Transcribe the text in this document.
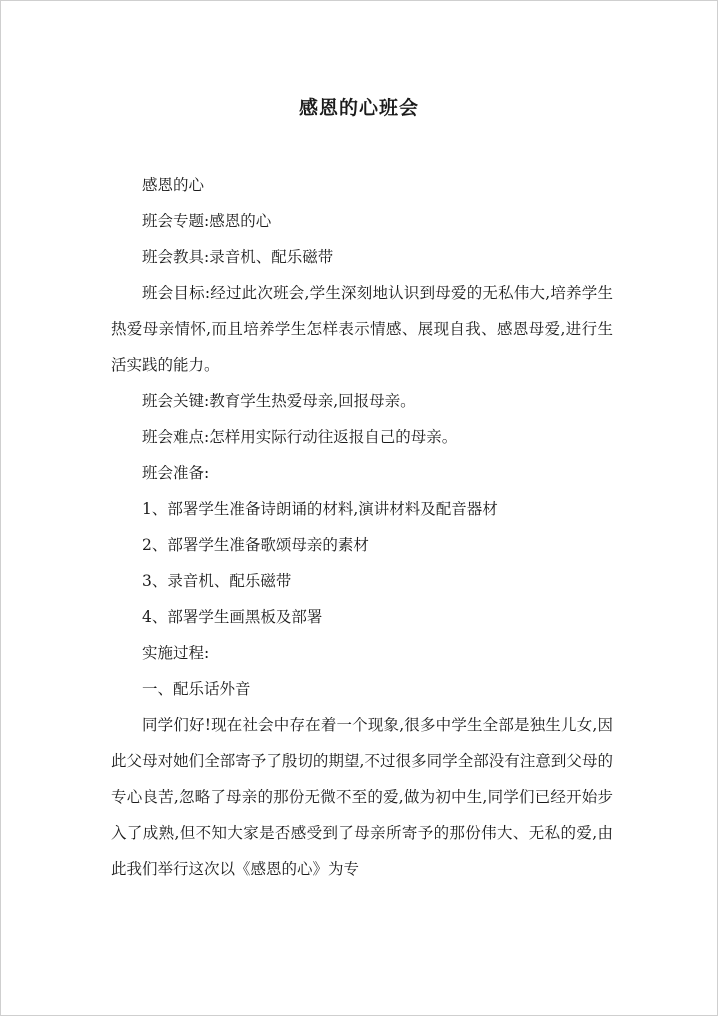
感恩的心班会

感恩的心

班会专题:感恩的心

班会教具:录音机、配乐磁带

班会目标:经过此次班会,学生深刻地认识到母爱的无私伟大,培养学生热爱母亲情怀,而且培养学生怎样表示情感、展现自我、感恩母爱,进行生活实践的能力。

班会关键:教育学生热爱母亲,回报母亲。

班会难点:怎样用实际行动往返报自己的母亲。

班会准备:

1、部署学生准备诗朗诵的材料,演讲材料及配音器材

2、部署学生准备歌颂母亲的素材

3、录音机、配乐磁带

4、部署学生画黑板及部署

实施过程:

一、配乐话外音

同学们好!现在社会中存在着一个现象,很多中学生全部是独生儿女,因此父母对她们全部寄予了殷切的期望,不过很多同学全部没有注意到父母的专心良苦,忽略了母亲的那份无微不至的爱,做为初中生,同学们已经开始步入了成熟,但不知大家是否感受到了母亲所寄予的那份伟大、无私的爱,由此我们举行这次以《感恩的心》为专
